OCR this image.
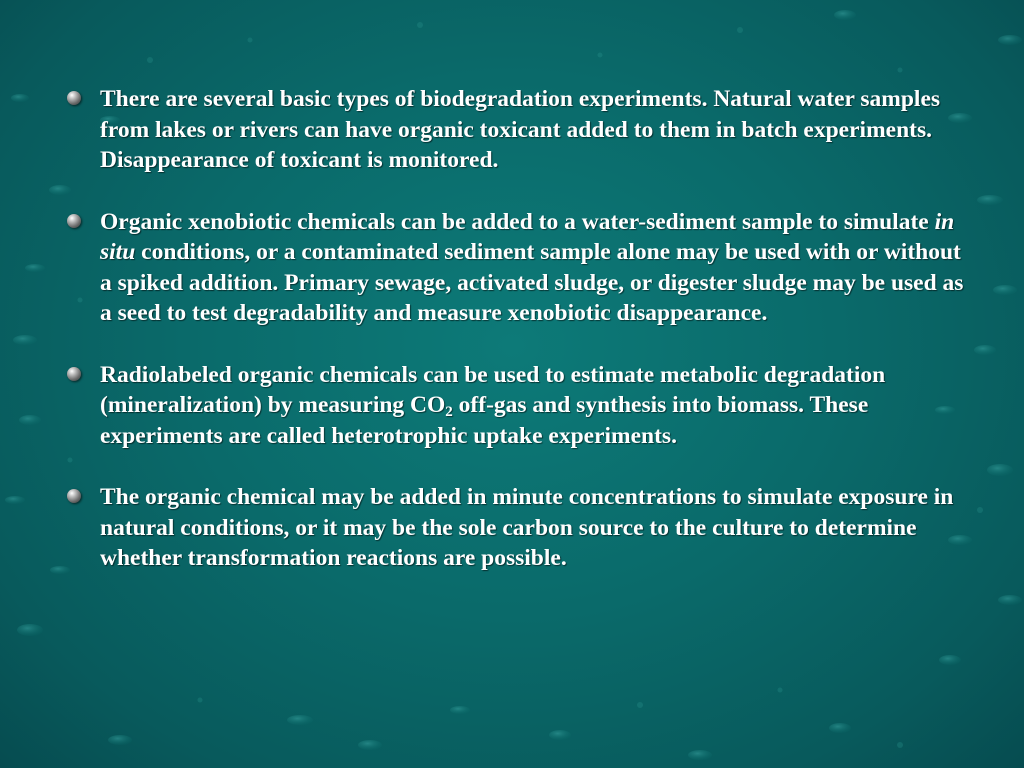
There are several basic types of biodegradation experiments. Natural water samples from lakes or rivers can have organic toxicant added to them in batch experiments. Disappearance of toxicant is monitored.
Organic xenobiotic chemicals can be added to a water-sediment sample to simulate in situ conditions, or a contaminated sediment sample alone may be used with or without a spiked addition. Primary sewage, activated sludge, or digester sludge may be used as a seed to test degradability and measure xenobiotic disappearance.
Radiolabeled organic chemicals can be used to estimate metabolic degradation (mineralization) by measuring $CO_2$ off-gas and synthesis into biomass. These experiments are called heterotrophic uptake experiments.
The organic chemical may be added in minute concentrations to simulate exposure in natural conditions, or it may be the sole carbon source to the culture to determine whether transformation reactions are possible.
